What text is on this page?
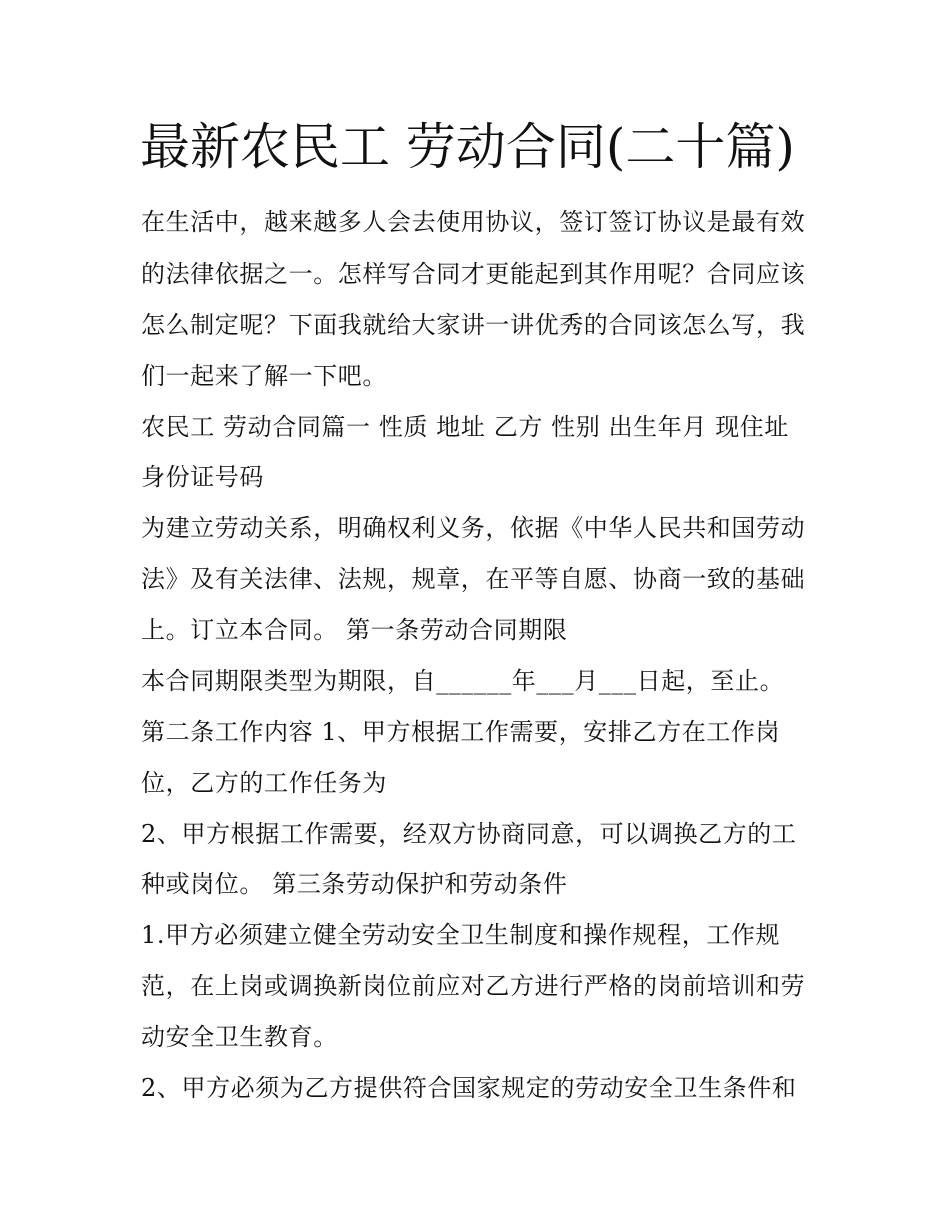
最新农民工 劳动合同(二十篇)
在生活中，越来越多人会去使用协议，签订签订协议是最有效
的法律依据之一。怎样写合同才更能起到其作用呢？合同应该
怎么制定呢？下面我就给大家讲一讲优秀的合同该怎么写，我
们一起来了解一下吧。
农民工 劳动合同篇一 性质 地址 乙方 性别 出生年月 现住址
身份证号码
为建立劳动关系，明确权利义务，依据《中华人民共和国劳动
法》及有关法律、法规，规章，在平等自愿、协商一致的基础
上。订立本合同。 第一条劳动合同期限
本合同期限类型为期限，自______年___月___日起，至止。
第二条工作内容 1、甲方根据工作需要，安排乙方在工作岗
位，乙方的工作任务为
2、甲方根据工作需要，经双方协商同意，可以调换乙方的工
种或岗位。 第三条劳动保护和劳动条件
1.甲方必须建立健全劳动安全卫生制度和操作规程，工作规
范，在上岗或调换新岗位前应对乙方进行严格的岗前培训和劳
动安全卫生教育。
2、甲方必须为乙方提供符合国家规定的劳动安全卫生条件和
